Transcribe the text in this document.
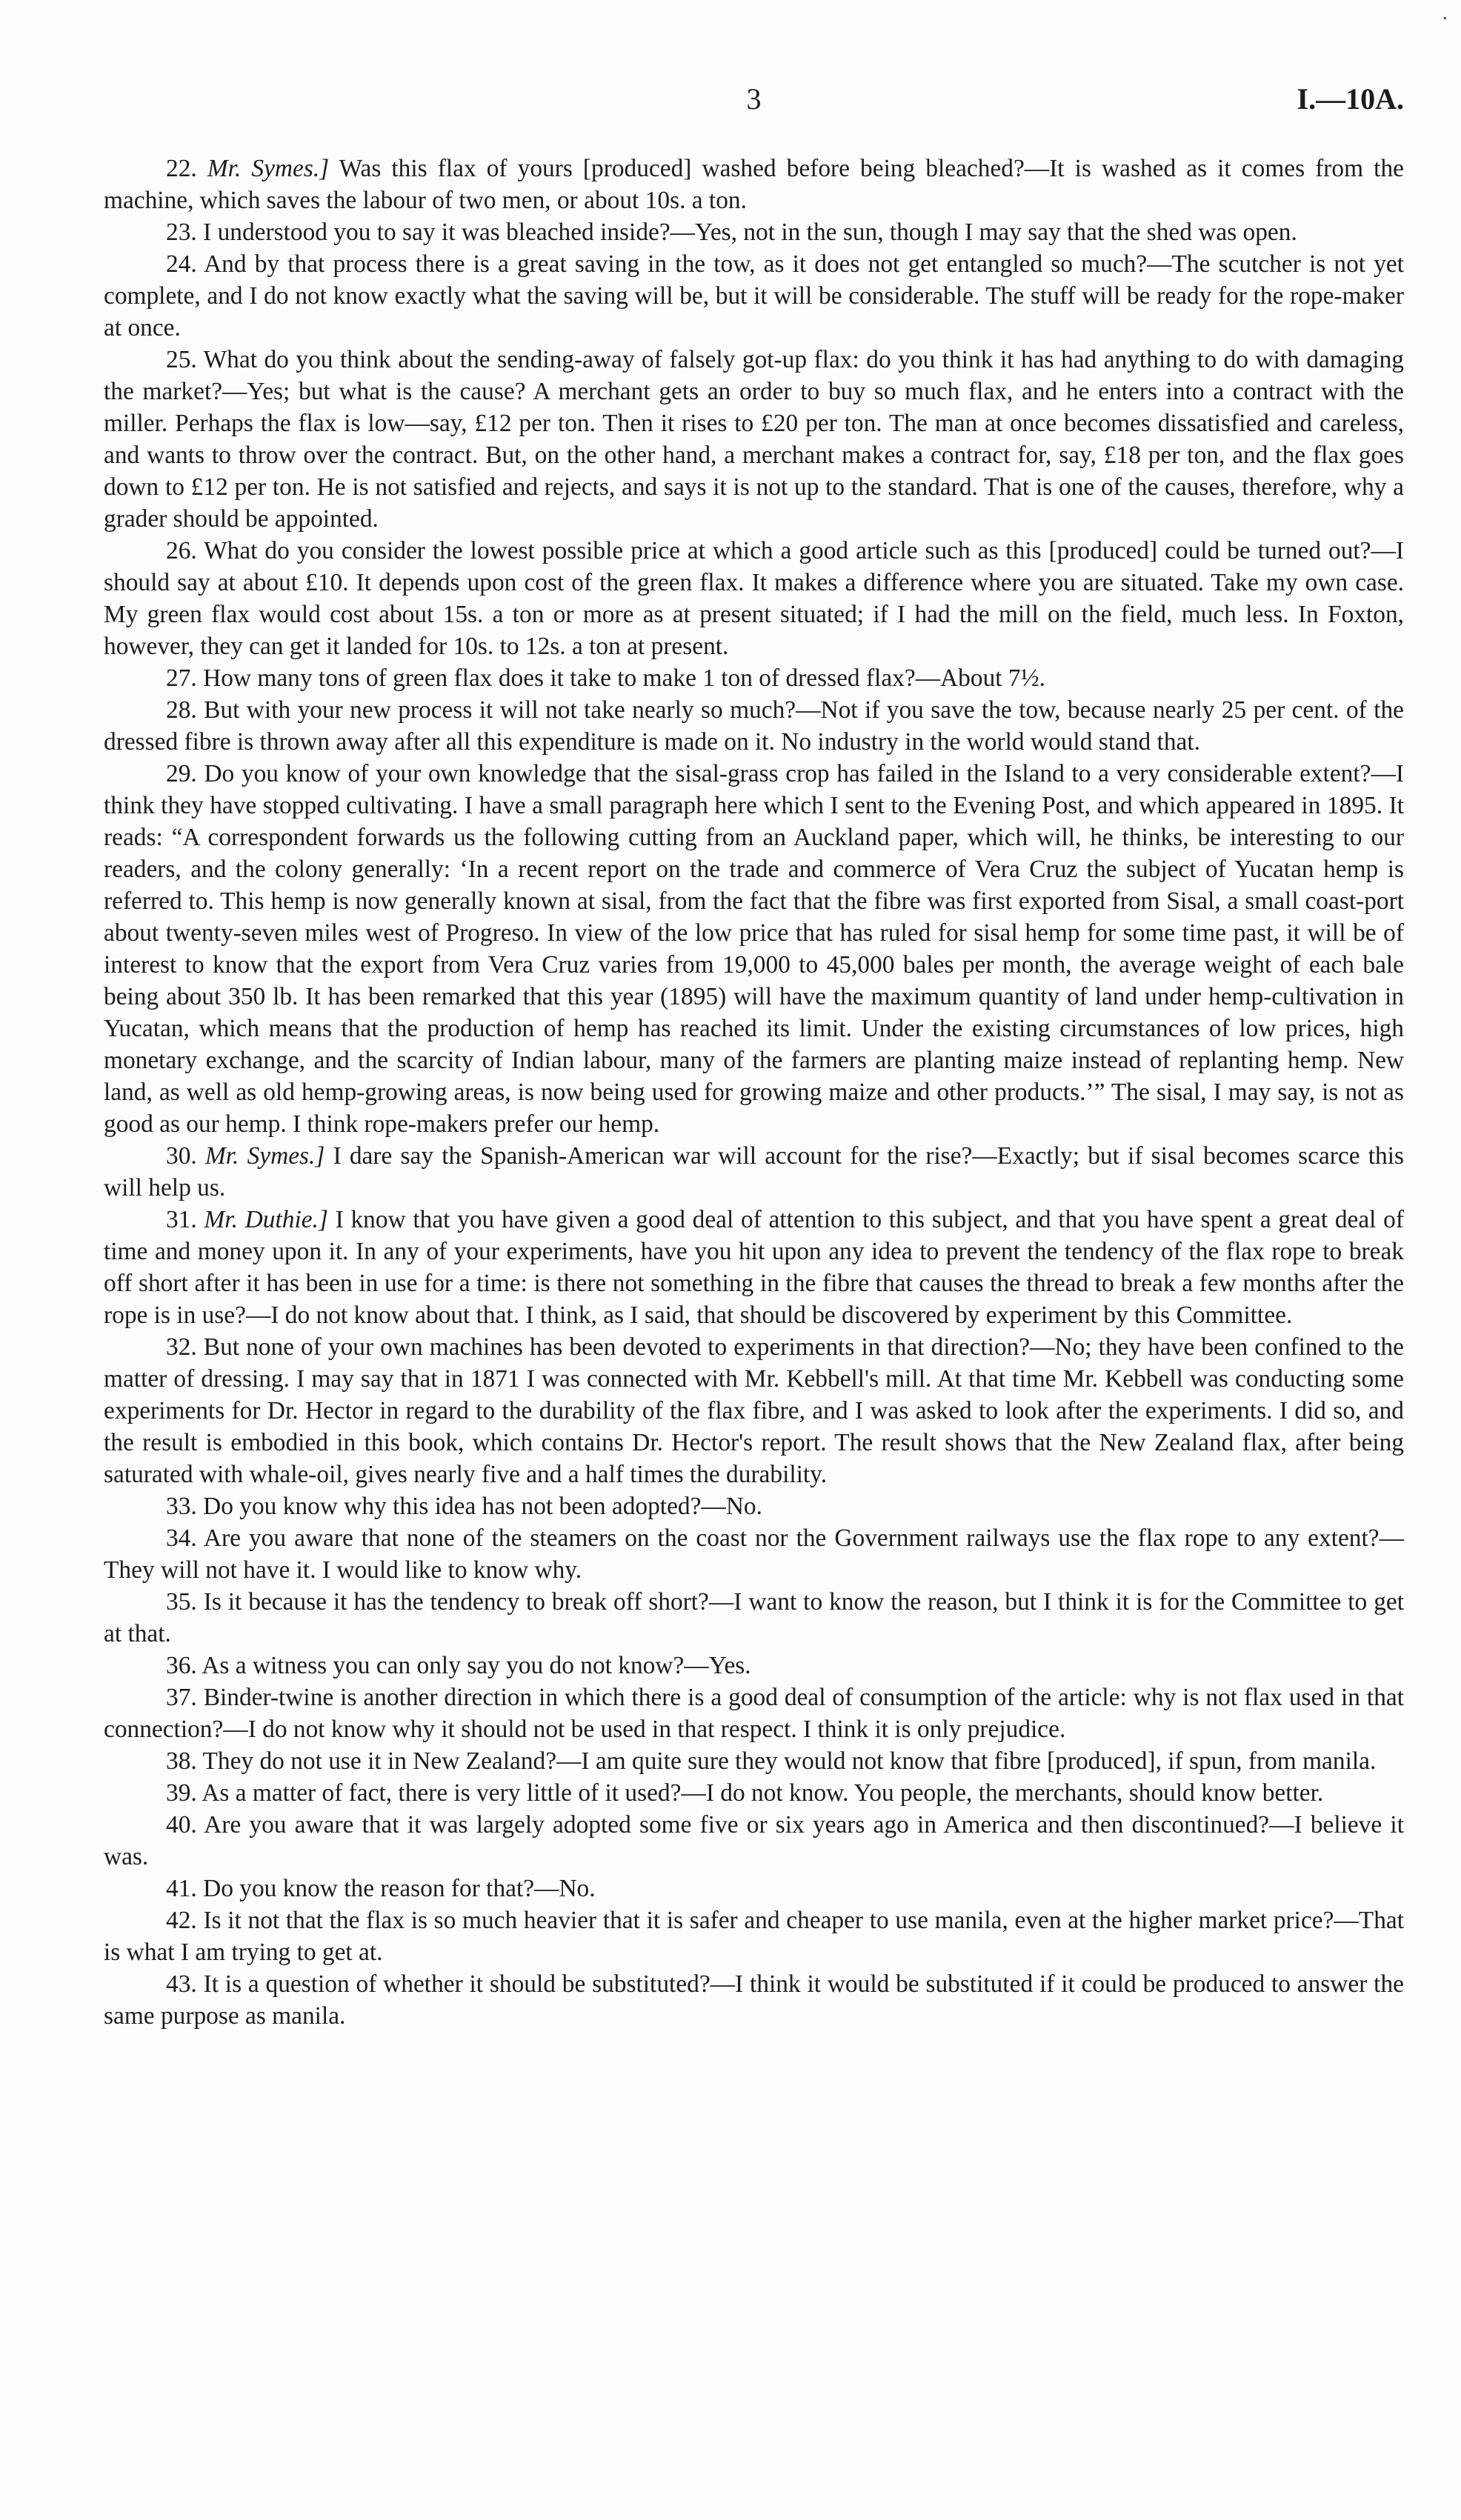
3	I.—10A.
.

22. Mr. Symes.] Was this flax of yours [produced] washed before being bleached?—It is washed as it comes from the machine, which saves the labour of two men, or about 10s. a ton.

23. I understood you to say it was bleached inside?—Yes, not in the sun, though I may say that the shed was open.

24. And by that process there is a great saving in the tow, as it does not get entangled so much?—The scutcher is not yet complete, and I do not know exactly what the saving will be, but it will be considerable. The stuff will be ready for the rope-maker at once.

25. What do you think about the sending-away of falsely got-up flax: do you think it has had anything to do with damaging the market?—Yes; but what is the cause? A merchant gets an order to buy so much flax, and he enters into a contract with the miller. Perhaps the flax is low—say, £12 per ton. Then it rises to £20 per ton. The man at once becomes dissatisfied and careless, and wants to throw over the contract. But, on the other hand, a merchant makes a contract for, say, £18 per ton, and the flax goes down to £12 per ton. He is not satisfied and rejects, and says it is not up to the standard. That is one of the causes, therefore, why a grader should be appointed.

26. What do you consider the lowest possible price at which a good article such as this [produced] could be turned out?—I should say at about £10. It depends upon cost of the green flax. It makes a difference where you are situated. Take my own case. My green flax would cost about 15s. a ton or more as at present situated; if I had the mill on the field, much less. In Foxton, however, they can get it landed for 10s. to 12s. a ton at present.

27. How many tons of green flax does it take to make 1 ton of dressed flax?—About 7½.

28. But with your new process it will not take nearly so much?—Not if you save the tow, because nearly 25 per cent. of the dressed fibre is thrown away after all this expenditure is made on it. No industry in the world would stand that.

29. Do you know of your own knowledge that the sisal-grass crop has failed in the Island to a very considerable extent?—I think they have stopped cultivating. I have a small paragraph here which I sent to the Evening Post, and which appeared in 1895. It reads: “A correspondent forwards us the following cutting from an Auckland paper, which will, he thinks, be interesting to our readers, and the colony generally: ‘In a recent report on the trade and commerce of Vera Cruz the subject of Yucatan hemp is referred to. This hemp is now generally known at sisal, from the fact that the fibre was first exported from Sisal, a small coast-port about twenty-seven miles west of Progreso. In view of the low price that has ruled for sisal hemp for some time past, it will be of interest to know that the export from Vera Cruz varies from 19,000 to 45,000 bales per month, the average weight of each bale being about 350 lb. It has been remarked that this year (1895) will have the maximum quantity of land under hemp-cultivation in Yucatan, which means that the production of hemp has reached its limit. Under the existing circumstances of low prices, high monetary exchange, and the scarcity of Indian labour, many of the farmers are planting maize instead of replanting hemp. New land, as well as old hemp-growing areas, is now being used for growing maize and other products.’” The sisal, I may say, is not as good as our hemp. I think rope-makers prefer our hemp.

30. Mr. Symes.] I dare say the Spanish-American war will account for the rise?—Exactly; but if sisal becomes scarce this will help us.

31. Mr. Duthie.] I know that you have given a good deal of attention to this subject, and that you have spent a great deal of time and money upon it. In any of your experiments, have you hit upon any idea to prevent the tendency of the flax rope to break off short after it has been in use for a time: is there not something in the fibre that causes the thread to break a few months after the rope is in use?—I do not know about that. I think, as I said, that should be discovered by experiment by this Committee.

32. But none of your own machines has been devoted to experiments in that direction?—No; they have been confined to the matter of dressing. I may say that in 1871 I was connected with Mr. Kebbell's mill. At that time Mr. Kebbell was conducting some experiments for Dr. Hector in regard to the durability of the flax fibre, and I was asked to look after the experiments. I did so, and the result is embodied in this book, which contains Dr. Hector's report. The result shows that the New Zealand flax, after being saturated with whale-oil, gives nearly five and a half times the durability.

33. Do you know why this idea has not been adopted?—No.

34. Are you aware that none of the steamers on the coast nor the Government railways use the flax rope to any extent?—They will not have it. I would like to know why.

35. Is it because it has the tendency to break off short?—I want to know the reason, but I think it is for the Committee to get at that.

36. As a witness you can only say you do not know?—Yes.

37. Binder-twine is another direction in which there is a good deal of consumption of the article: why is not flax used in that connection?—I do not know why it should not be used in that respect. I think it is only prejudice.

38. They do not use it in New Zealand?—I am quite sure they would not know that fibre [produced], if spun, from manila.

39. As a matter of fact, there is very little of it used?—I do not know. You people, the merchants, should know better.

40. Are you aware that it was largely adopted some five or six years ago in America and then discontinued?—I believe it was.

41. Do you know the reason for that?—No.

42. Is it not that the flax is so much heavier that it is safer and cheaper to use manila, even at the higher market price?—That is what I am trying to get at.

43. It is a question of whether it should be substituted?—I think it would be substituted if it could be produced to answer the same purpose as manila.
